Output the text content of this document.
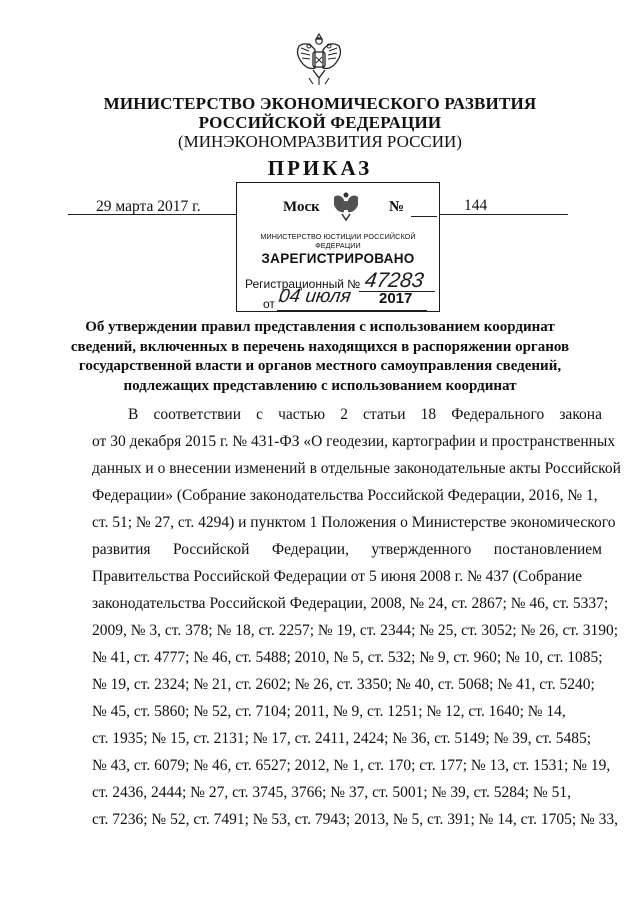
МИНИСТЕРСТВО ЭКОНОМИЧЕСКОГО РАЗВИТИЯ
РОССИЙСКОЙ ФЕДЕРАЦИИ
(МИНЭКОНОМРАЗВИТИЯ РОССИИ)
ПРИКАЗ
29 марта 2017 г.	144
Моск	№
МИНИСТЕРСТВО ЮСТИЦИИ РОССИЙСКОЙ ФЕДЕРАЦИИ
ЗАРЕГИСТРИРОВАНО
Регистрационный № 47283
от "
04 июля 2017
Об утверждении правил представления с использованием координат
сведений, включенных в перечень находящихся в распоряжении органов
государственной власти и органов местного самоуправления сведений,
подлежащих представлению с использованием координат
В соответствии с частью 2 статьи 18 Федерального закона
от 30 декабря 2015 г. № 431-ФЗ «О геодезии, картографии и пространственных
данных и о внесении изменений в отдельные законодательные акты Российской
Федерации» (Собрание законодательства Российской Федерации, 2016, № 1,
ст. 51; № 27, ст. 4294) и пунктом 1 Положения о Министерстве экономического
развития Российской Федерации, утвержденного постановлением
Правительства Российской Федерации от 5 июня 2008 г. № 437 (Собрание
законодательства Российской Федерации, 2008, № 24, ст. 2867; № 46, ст. 5337;
2009, № 3, ст. 378; № 18, ст. 2257; № 19, ст. 2344; № 25, ст. 3052; № 26, ст. 3190;
№ 41, ст. 4777; № 46, ст. 5488; 2010, № 5, ст. 532; № 9, ст. 960; № 10, ст. 1085;
№ 19, ст. 2324; № 21, ст. 2602; № 26, ст. 3350; № 40, ст. 5068; № 41, ст. 5240;
№ 45, ст. 5860; № 52, ст. 7104; 2011, № 9, ст. 1251; № 12, ст. 1640; № 14,
ст. 1935; № 15, ст. 2131; № 17, ст. 2411, 2424; № 36, ст. 5149; № 39, ст. 5485;
№ 43, ст. 6079; № 46, ст. 6527; 2012, № 1, ст. 170; ст. 177; № 13, ст. 1531; № 19,
ст. 2436, 2444; № 27, ст. 3745, 3766; № 37, ст. 5001; № 39, ст. 5284; № 51,
ст. 7236; № 52, ст. 7491; № 53, ст. 7943; 2013, № 5, ст. 391; № 14, ст. 1705; № 33,
